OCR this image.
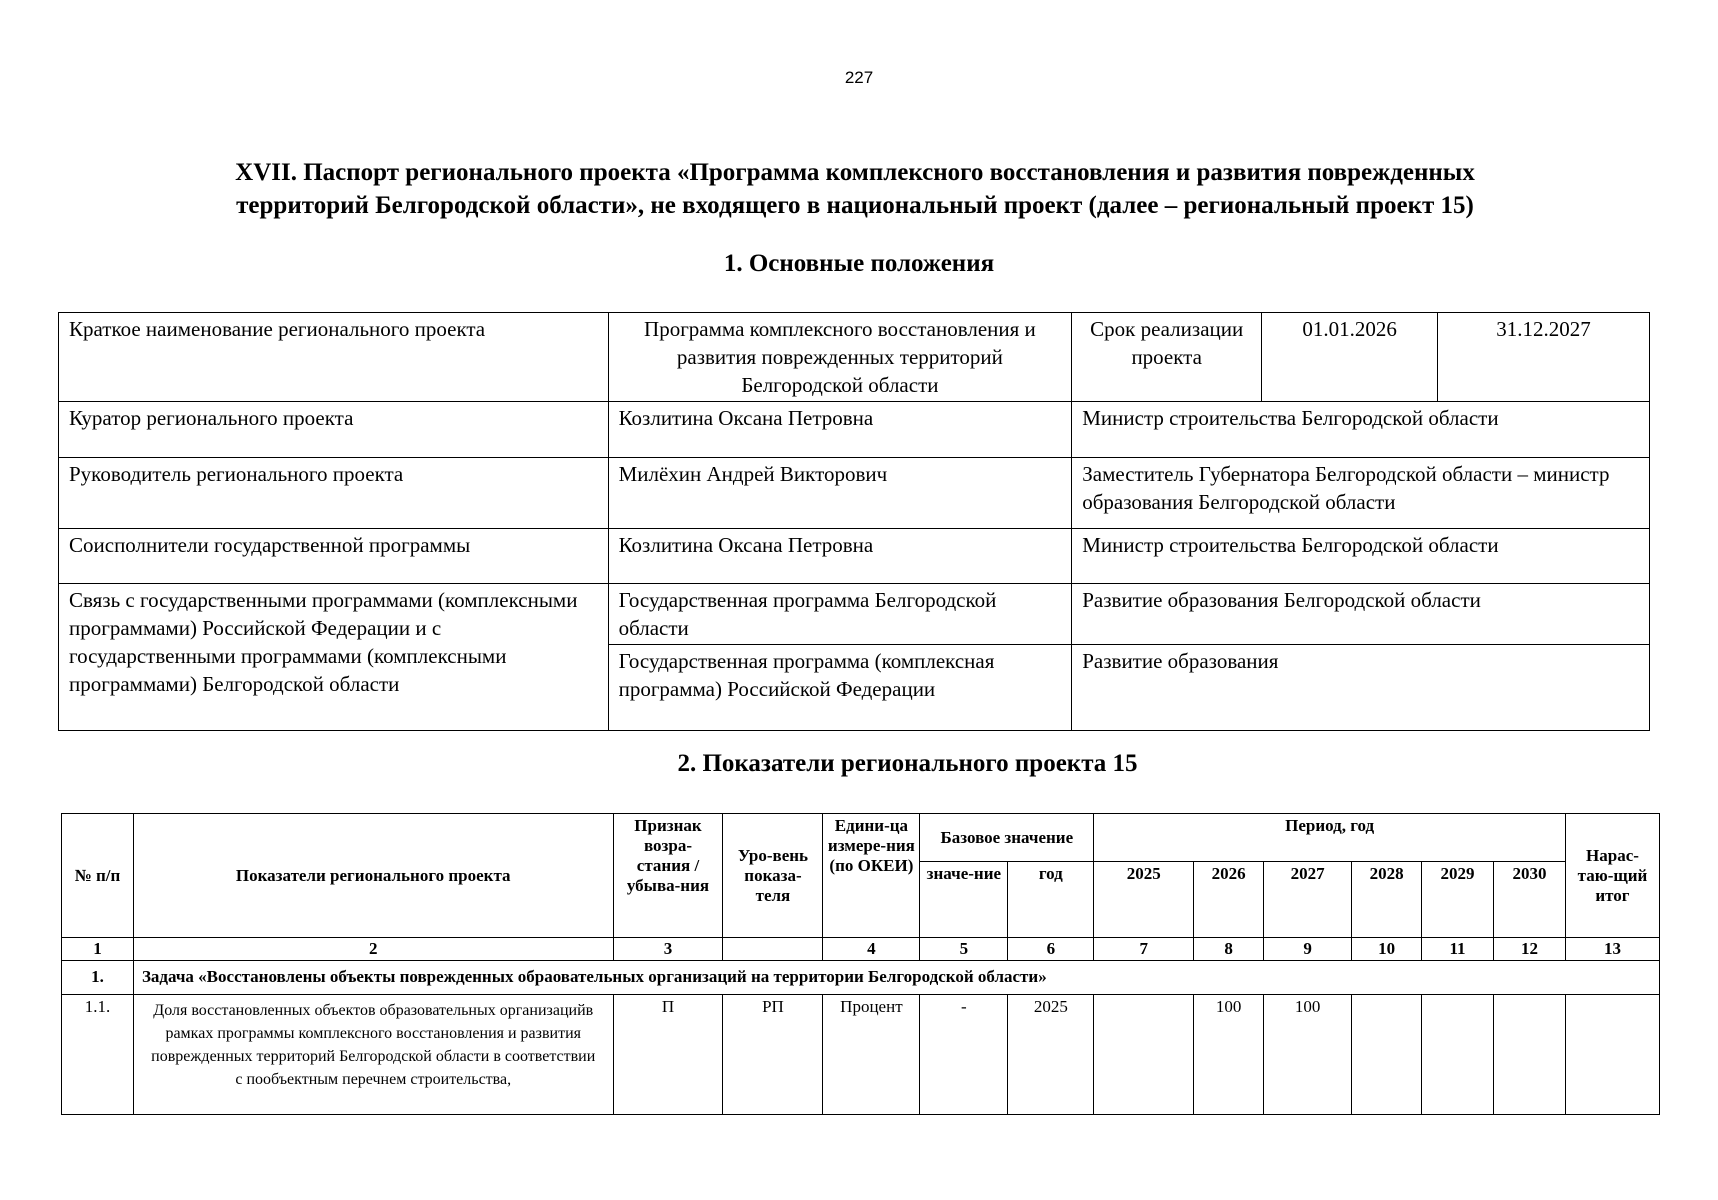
227
XVII. Паспорт регионального проекта «Программа комплексного восстановления и развития поврежденных
территорий Белгородской области», не входящего в национальный проект (далее – региональный проект 15)
1. Основные положения
Краткое наименование регионального проекта	Программа комплексного восстановления и развития поврежденных территорий Белгородской области	Срок реализации проекта	01.01.2026	31.12.2027
Куратор регионального проекта	Козлитина Оксана Петровна	Министр строительства Белгородской области		
Руководитель регионального проекта	Милёхин Андрей Викторович	Заместитель Губернатора Белгородской области – министр образования Белгородской области		
Соисполнители государственной программы	Козлитина Оксана Петровна	Министр строительства Белгородской области		
Связь с государственными программами (комплексными программами) Российской Федерации и с государственными программами (комплексными программами) Белгородской области	Государственная программа Белгородской области	Развитие образования Белгородской области		
	Государственная программа (комплексная программа) Российской Федерации	Развитие образования		
2. Показатели регионального проекта 15
№ п/п	Показатели регионального проекта	Признак возра-стания / убыва-ния	Уро-вень показа-теля	Едини-ца измере-ния (по ОКЕИ)	Базовое значение		Период, год						Нарас-таю-щий итог
					значе-ние	год	2025	2026	2027	2028	2029	2030	
1	2	3		4	5	6	7	8	9	10	11	12	13
1.	Задача «Восстановлены объекты поврежденных обраовательных организаций на территории Белгородской области»												
1.1.	Доля восстановленных объектов образовательных организацийв рамках программы комплексного восстановления и развития поврежденных территорий Белгородской области в соответствии с пообъектным перечнем строительства,	П	РП	Процент	-	2025		100	100				
